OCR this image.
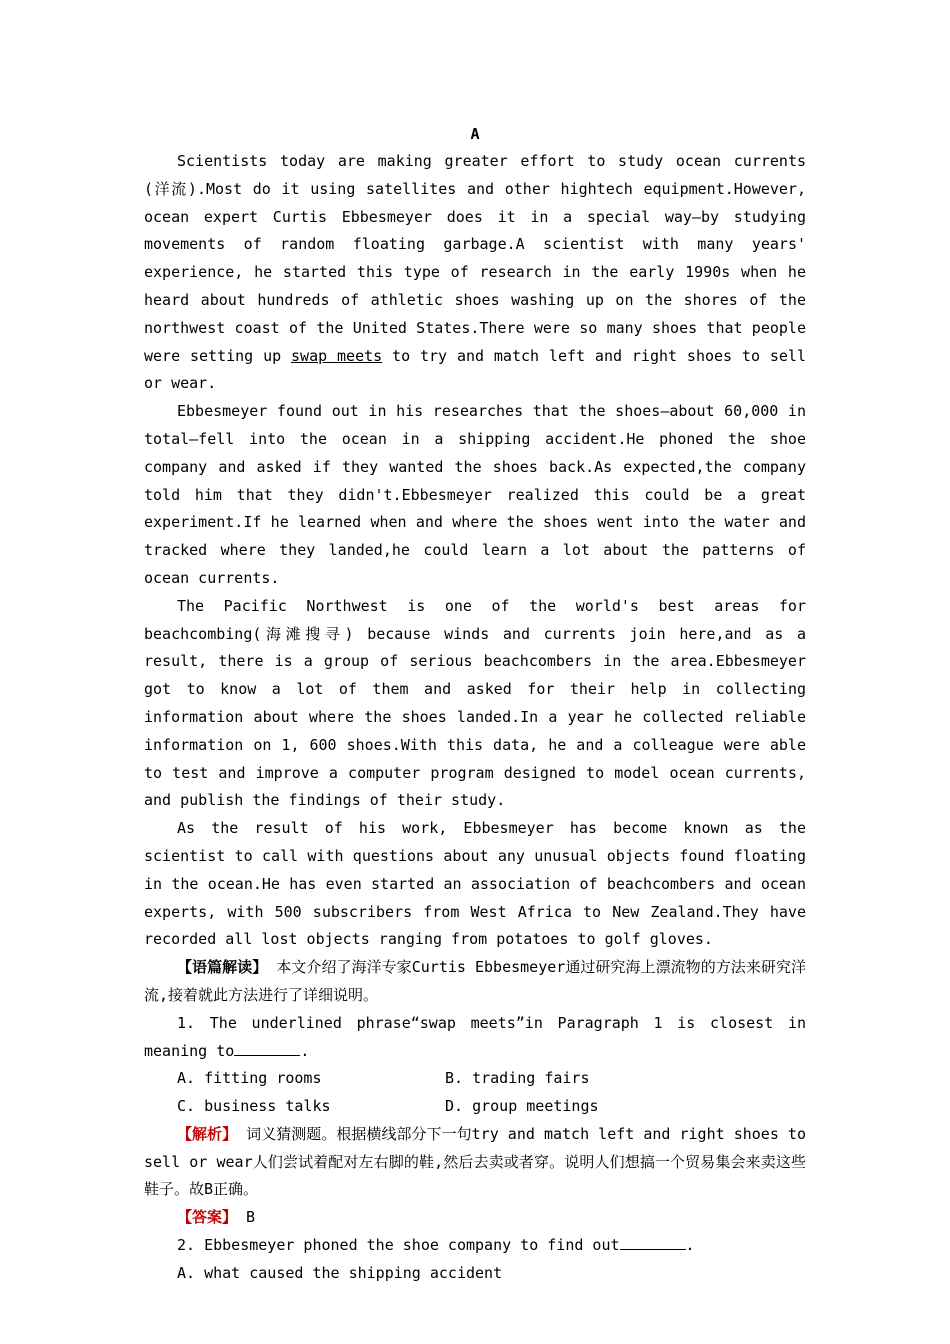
A

Scientists today are making greater effort to study ocean currents (洋流).Most do it using satellites and other hightech equipment.However, ocean expert Curtis Ebbesmeyer does it in a special way—by studying movements of random floating garbage.A scientist with many years' experience, he started this type of research in the early 1990s when he heard about hundreds of athletic shoes washing up on the shores of the northwest coast of the United States.There were so many shoes that people were setting up swap meets to try and match left and right shoes to sell or wear.

Ebbesmeyer found out in his researches that the shoes—about 60,000 in total—fell into the ocean in a shipping accident.He phoned the shoe company and asked if they wanted the shoes back.As expected,the company told him that they didn't.Ebbesmeyer realized this could be a great experiment.If he learned when and where the shoes went into the water and tracked where they landed,he could learn a lot about the patterns of ocean currents.

The Pacific Northwest is one of the world's best areas for beachcombing(海滩搜寻) because winds and currents join here,and as a result, there is a group of serious beachcombers in the area.Ebbesmeyer got to know a lot of them and asked for their help in collecting information about where the shoes landed.In a year he collected reliable information on 1, 600 shoes.With this data, he and a colleague were able to test and improve a computer program designed to model ocean currents, and publish the findings of their study.

As the result of his work, Ebbesmeyer has become known as the scientist to call with questions about any unusual objects found floating in the ocean.He has even started an association of beachcombers and ocean experts, with 500 subscribers from West Africa to New Zealand.They have recorded all lost objects ranging from potatoes to golf gloves.

【语篇解读】 本文介绍了海洋专家Curtis Ebbesmeyer通过研究海上漂流物的方法来研究洋流,接着就此方法进行了详细说明。

1. The underlined phrase“swap meets”in Paragraph 1 is closest in meaning to	.

A. fitting rooms	B. trading fairs
C. business talks	D. group meetings

【解析】 词义猜测题。根据横线部分下一句try and match left and right shoes to sell or wear人们尝试着配对左右脚的鞋,然后去卖或者穿。说明人们想搞一个贸易集会来卖这些鞋子。故B正确。

【答案】 B

2. Ebbesmeyer phoned the shoe company to find out	.

A. what caused the shipping accident
